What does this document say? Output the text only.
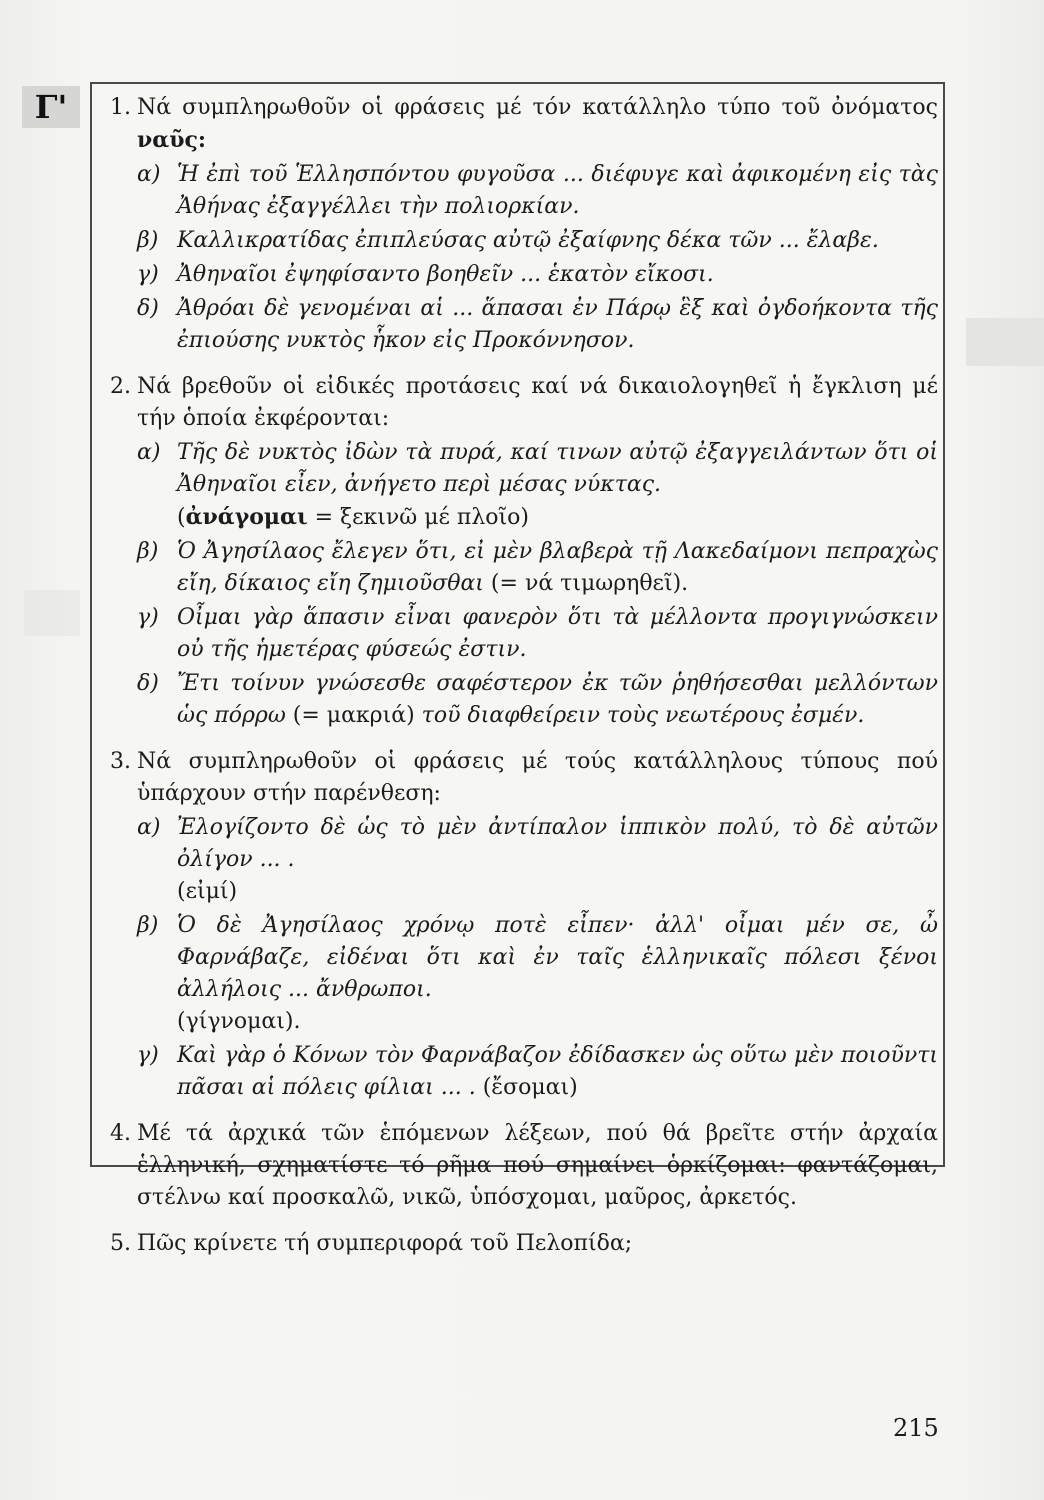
Γ'	1. Νά συμπληρωθοῦν οἱ φράσεις μέ τόν κατάλληλο τύπο τοῦ ὀνόματος ναῦς:
α) Ἡ ἐπὶ τοῦ Ἑλλησπόντου φυγοῦσα ... διέφυγε καὶ ἀφικομένη εἰς τὰς Ἀθήνας ἐξαγγέλλει τὴν πολιορκίαν.
β) Καλλικρατίδας ἐπιπλεύσας αὐτῷ ἐξαίφνης δέκα τῶν ... ἔλαβε.
γ) Ἀθηναῖοι ἐψηφίσαντο βοηθεῖν ... ἑκατὸν εἴκοσι.
δ) Ἀθρόαι δὲ γενομέναι αἱ ... ἅπασαι ἐν Πάρῳ ἓξ καὶ ὀγδοήκοντα τῆς ἐπιούσης νυκτὸς ἧκον εἰς Προκόννησον.
2. Νά βρεθοῦν οἱ εἰδικές προτάσεις καί νά δικαιολογηθεῖ ἡ ἔγκλιση μέ τήν ὁποία ἐκφέρονται:
α) Τῆς δὲ νυκτὸς ἰδὼν τὰ πυρά, καί τινων αὐτῷ ἐξαγγειλάντων ὅτι οἱ Ἀθηναῖοι εἶεν, ἀνήγετο περὶ μέσας νύκτας.
(ἀνάγομαι = ξεκινῶ μέ πλοῖο)
β) Ὁ Ἀγησίλαος ἔλεγεν ὅτι, εἰ μὲν βλαβερὰ τῇ Λακεδαίμονι πεπραχὼς εἴη, δίκαιος εἴη ζημιοῦσθαι (= νά τιμωρηθεῖ).
γ) Οἶμαι γὰρ ἅπασιν εἶναι φανερὸν ὅτι τὰ μέλλοντα προγιγνώσκειν οὐ τῆς ἡμετέρας φύσεώς ἐστιν.
δ) Ἔτι τοίνυν γνώσεσθε σαφέστερον ἐκ τῶν ῥηθήσεσθαι μελλόντων ὡς πόρρω (= μακριά) τοῦ διαφθείρειν τοὺς νεωτέρους ἐσμέν.
3. Νά συμπληρωθοῦν οἱ φράσεις μέ τούς κατάλληλους τύπους πού ὑπάρχουν στήν παρένθεση:
α) Ἐλογίζοντο δὲ ὡς τὸ μὲν ἀντίπαλον ἱππικὸν πολύ, τὸ δὲ αὐτῶν ὀλίγον ... .
(εἰμί)
β) Ὁ δὲ Ἀγησίλαος χρόνῳ ποτὲ εἶπεν· ἀλλ' οἶμαι μέν σε, ὦ Φαρνάβαζε, εἰδέναι ὅτι καὶ ἐν ταῖς ἑλληνικαῖς πόλεσι ξένοι ἀλλήλοις ... ἄνθρωποι.
(γίγνομαι).
γ) Καὶ γὰρ ὁ Κόνων τὸν Φαρνάβαζον ἐδίδασκεν ὡς οὕτω μὲν ποιοῦντι πᾶσαι αἱ πόλεις φίλιαι ... . (ἔσομαι)
4. Μέ τά ἀρχικά τῶν ἑπόμενων λέξεων, πού θά βρεῖτε στήν ἀρχαία ἑλληνική, σχηματίστε τό ρῆμα πού σημαίνει ὁρκίζομαι: φαντάζομαι, στέλνω καί προσκαλῶ, νικῶ, ὑπόσχομαι, μαῦρος, ἀρκετός.
5. Πῶς κρίνετε τή συμπεριφορά τοῦ Πελοπίδα;
215
